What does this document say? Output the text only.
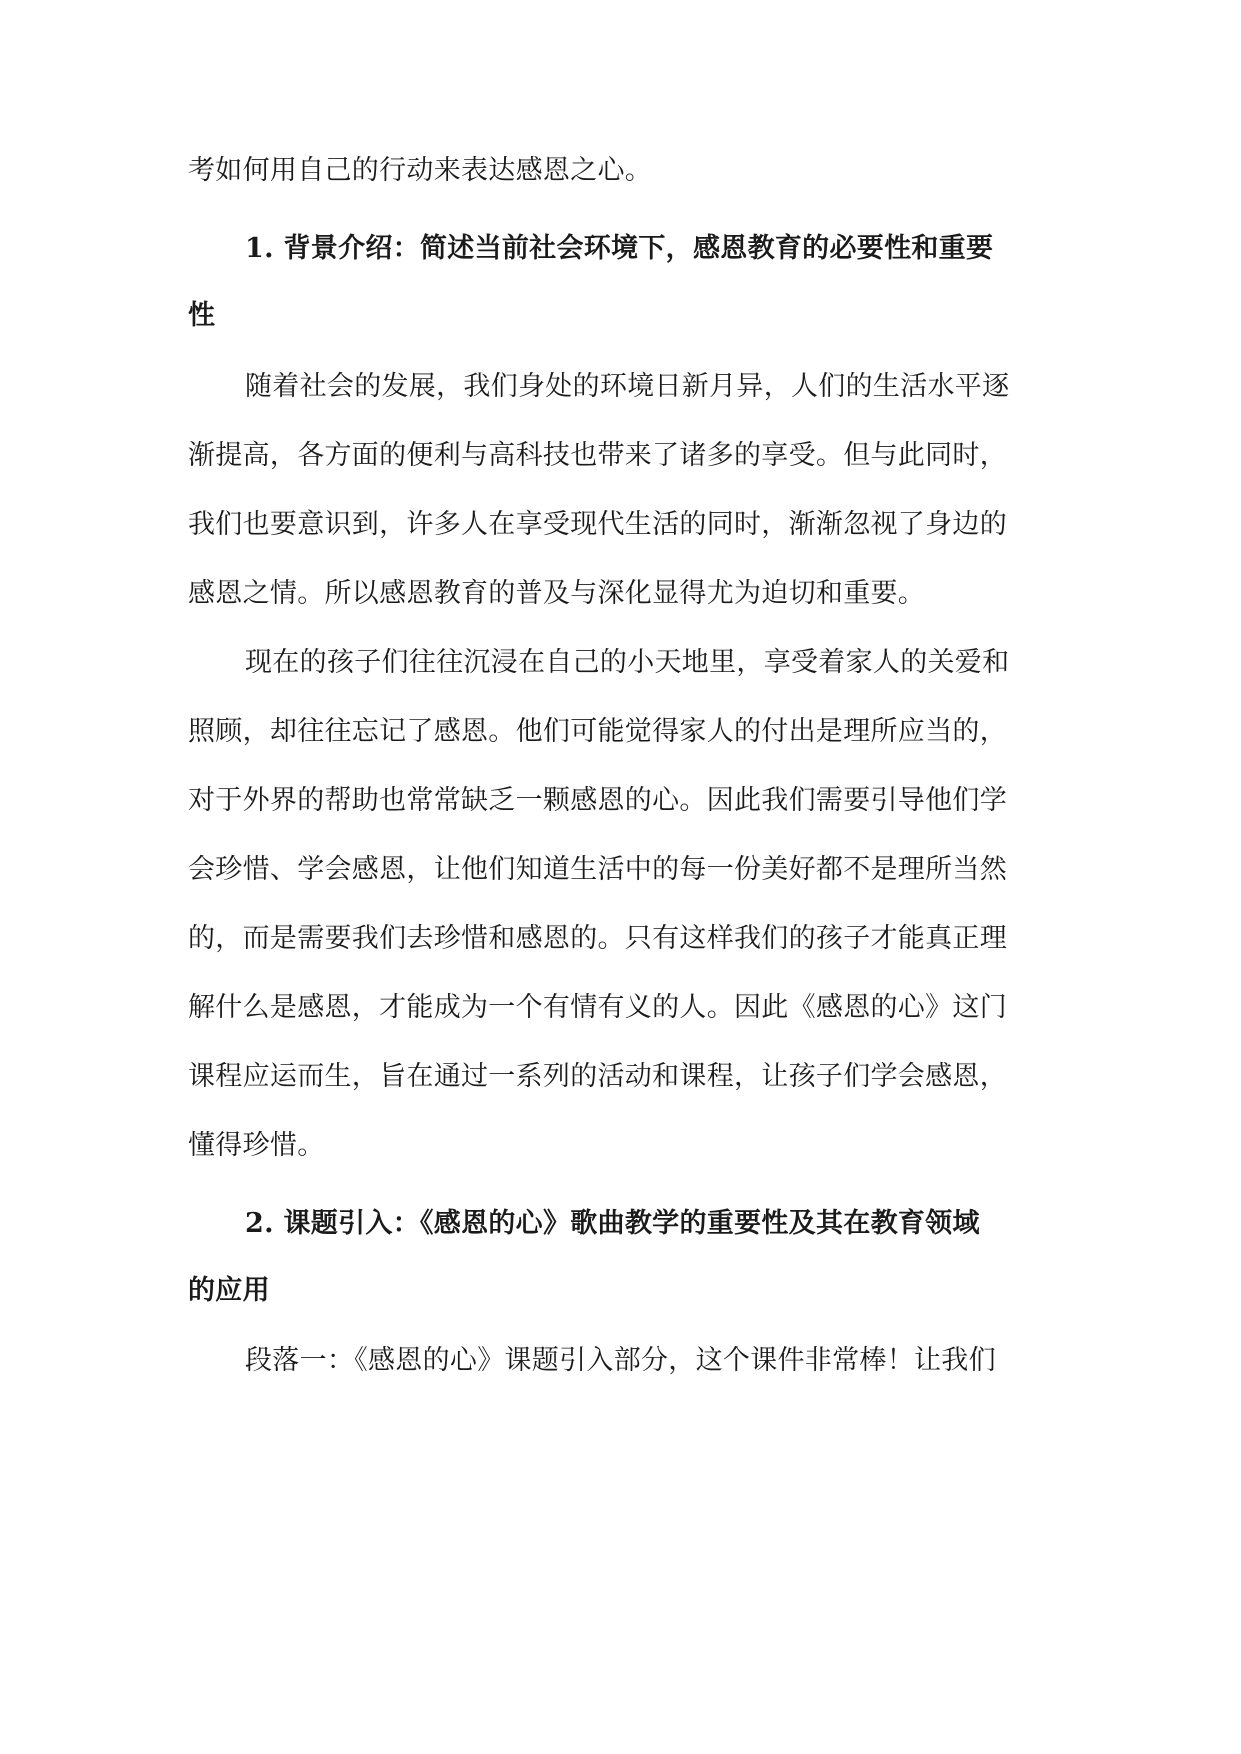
考如何用自己的行动来表达感恩之心。
1. 背景介绍：简述当前社会环境下，感恩教育的必要性和重要
性
随着社会的发展，我们身处的环境日新月异，人们的生活水平逐
渐提高，各方面的便利与高科技也带来了诸多的享受。但与此同时，
我们也要意识到，许多人在享受现代生活的同时，渐渐忽视了身边的
感恩之情。所以感恩教育的普及与深化显得尤为迫切和重要。
现在的孩子们往往沉浸在自己的小天地里，享受着家人的关爱和
照顾，却往往忘记了感恩。他们可能觉得家人的付出是理所应当的，
对于外界的帮助也常常缺乏一颗感恩的心。因此我们需要引导他们学
会珍惜、学会感恩，让他们知道生活中的每一份美好都不是理所当然
的，而是需要我们去珍惜和感恩的。只有这样我们的孩子才能真正理
解什么是感恩，才能成为一个有情有义的人。因此《感恩的心》这门
课程应运而生，旨在通过一系列的活动和课程，让孩子们学会感恩，
懂得珍惜。
2. 课题引入：《感恩的心》歌曲教学的重要性及其在教育领域
的应用
段落一：《感恩的心》课题引入部分，这个课件非常棒！让我们
